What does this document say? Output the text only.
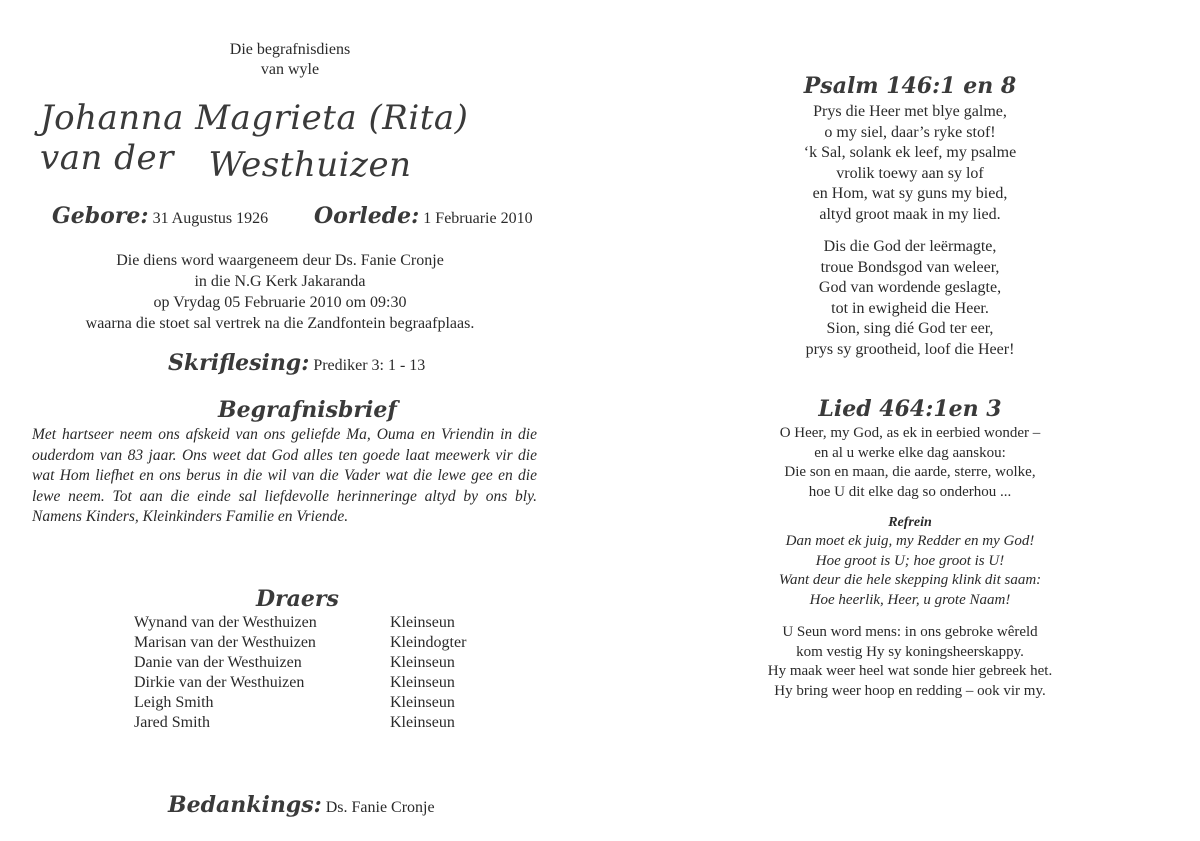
Die begrafnisdiens
van wyle
Johanna Magrieta (Rita) van der	Westhuizen
Gebore: 31 Augustus 1926 Oorlede: 1 Februarie 2010
Die diens word waargeneem deur Ds. Fanie Cronje
in die N.G Kerk Jakaranda
op Vrydag 05 Februarie 2010 om 09:30
waarna die stoet sal vertrek na die Zandfontein begraafplaas.
Skriflesing: Prediker 3: 1 - 13
Begrafnisbrief
Met hartseer neem ons afskeid van ons geliefde Ma, Ouma en Vriendin in die ouderdom van 83 jaar. Ons weet dat God alles ten goede laat meewerk vir die wat Hom liefhet en ons berus in die wil van die Vader wat die lewe gee en die lewe neem. Tot aan die einde sal liefdevolle herinneringe altyd by ons bly. Namens Kinders, Kleinkinders Familie en Vriende.
Draers
Wynand van der Westhuizen	Kleinseun
Marisan van der Westhuizen	Kleindogter
Danie van der Westhuizen	Kleinseun
Dirkie van der Westhuizen	Kleinseun
Leigh Smith	Kleinseun
Jared Smith	Kleinseun
Bedankings: Ds. Fanie Cronje
Psalm 146:1 en 8
Prys die Heer met blye galme,
o my siel, daar’s ryke stof!
‘k Sal, solank ek leef, my psalme
vrolik toewy aan sy lof
en Hom, wat sy guns my bied,
altyd groot maak in my lied.
Dis die God der leërmagte,
troue Bondsgod van weleer,
God van wordende geslagte,
tot in ewigheid die Heer.
Sion, sing dié God ter eer,
prys sy grootheid, loof die Heer!
Lied 464:1en 3
O Heer, my God, as ek in eerbied wonder –
en al u werke elke dag aanskou:
Die son en maan, die aarde, sterre, wolke,
hoe U dit elke dag so onderhou ...
Refrein
Dan moet ek juig, my Redder en my God!
Hoe groot is U; hoe groot is U!
Want deur die hele skepping klink dit saam:
Hoe heerlik, Heer, u grote Naam!
U Seun word mens: in ons gebroke wêreld
kom vestig Hy sy koningsheerskappy.
Hy maak weer heel wat sonde hier gebreek het.
Hy bring weer hoop en redding – ook vir my.
